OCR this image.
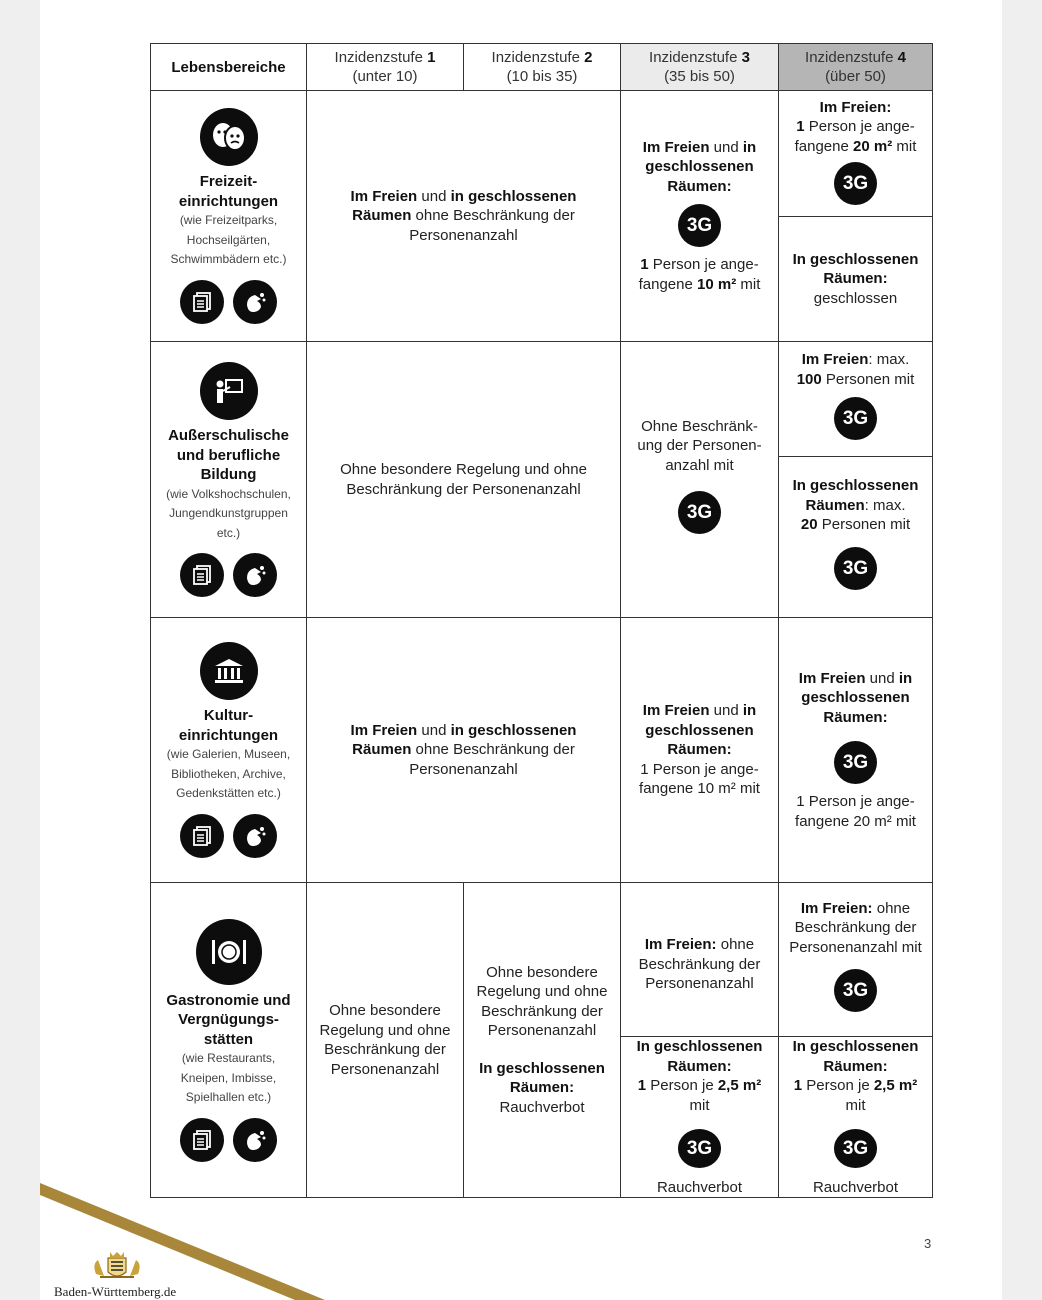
Lebensbereiche
Inzidenzstufe 1
(unter 10)
Inzidenzstufe 2
(10 bis 35)
Inzidenzstufe 3
(35 bis 50)
Inzidenzstufe 4
(über 50)
Freizeit-einrichtungen
(wie Freizeitparks, Hochseilgärten, Schwimmbädern etc.)
Im Freien und in geschlossenen Räumen ohne Beschränkung der Personenanzahl
Im Freien und in geschlossenen Räumen:
3G
1 Person je ange-fangene 10 m² mit
Im Freien:
1 Person je ange-fangene 20 m² mit
3G
In geschlossenen Räumen:
geschlossen
Außerschulische und berufliche Bildung
(wie Volkshochschulen, Jungendkunstgruppen etc.)
Ohne besondere Regelung und ohne Beschränkung der Personenanzahl
Ohne Beschränk-ung der Personen-anzahl mit
3G
Im Freien: max.
100 Personen mit
3G
In geschlossenen Räumen: max.
20 Personen mit
3G
Kultur-einrichtungen
(wie Galerien, Museen, Bibliotheken, Archive, Gedenkstätten etc.)
Im Freien und in geschlossenen Räumen ohne Beschränkung der Personenanzahl
Im Freien und in geschlossenen Räumen:
1 Person je ange-fangene 10 m² mit
Im Freien und in geschlossenen Räumen:
3G
1 Person je ange-fangene 20 m² mit
Gastronomie und Vergnügungs-stätten
(wie Restaurants, Kneipen, Imbisse, Spielhallen etc.)
Ohne besondere Regelung und ohne Beschränkung der Personenanzahl
Ohne besondere Regelung und ohne Beschränkung der Personenanzahl
In geschlossenen Räumen:
Rauchverbot
Im Freien: ohne Beschränkung der Personenanzahl
In geschlossenen Räumen:
1 Person je 2,5 m²
mit
3G
Rauchverbot
Im Freien: ohne Beschränkung der Personenanzahl mit
3G
In geschlossenen Räumen:
1 Person je 2,5 m²
mit
3G
Rauchverbot
3
Baden-Württemberg.de
